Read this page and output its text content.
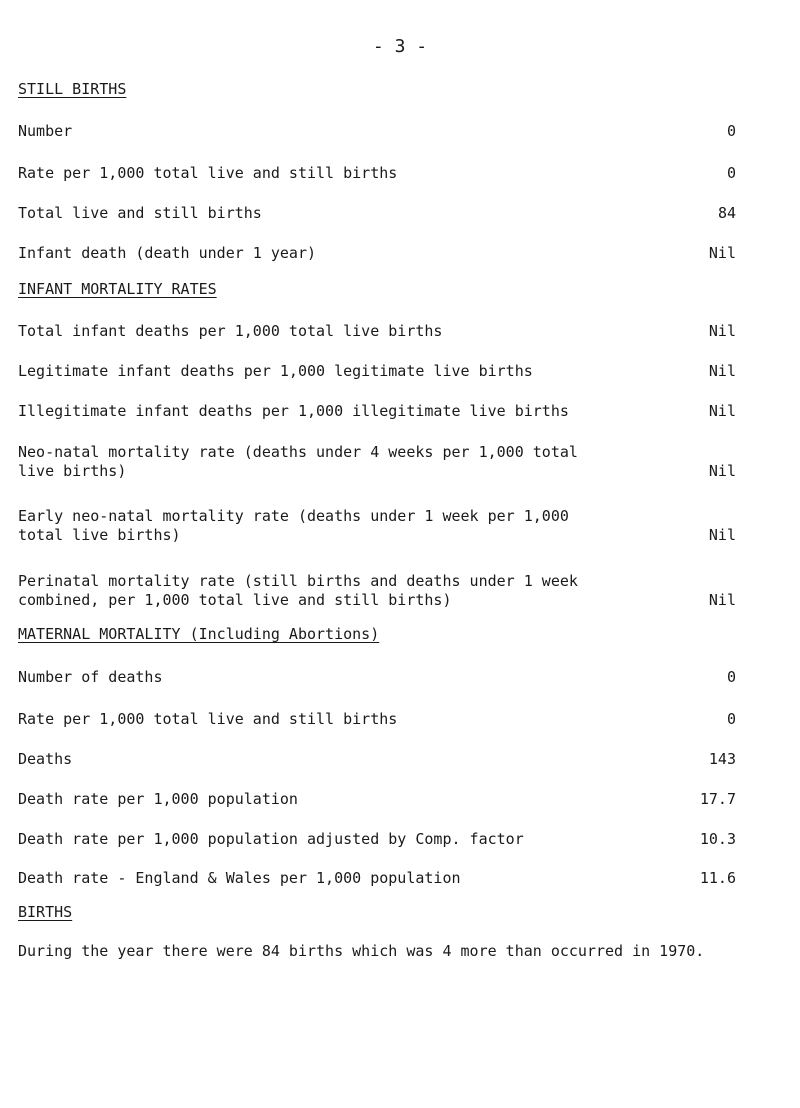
- 3 -
STILL BIRTHS
Number	0
Rate per 1,000 total live and still births	0
Total live and still births	84
Infant death (death under 1 year)	Nil
INFANT MORTALITY RATES
Total infant deaths per 1,000 total live births	Nil
Legitimate infant deaths per 1,000 legitimate live births	Nil
Illegitimate infant deaths per 1,000 illegitimate live births	Nil
Neo-natal mortality rate (deaths under 4 weeks per 1,000 total
live births)	Nil
Early neo-natal mortality rate (deaths under 1 week per 1,000
total live births)	Nil
Perinatal mortality rate (still births and deaths under 1 week
combined, per 1,000 total live and still births)	Nil
MATERNAL MORTALITY (Including Abortions)
Number of deaths	0
Rate per 1,000 total live and still births	0
Deaths	143
Death rate per 1,000 population	17.7
Death rate per 1,000 population adjusted by Comp. factor	10.3
Death rate - England & Wales per 1,000 population	11.6
BIRTHS
During the year there were 84 births which was 4 more than occurred in 1970.
